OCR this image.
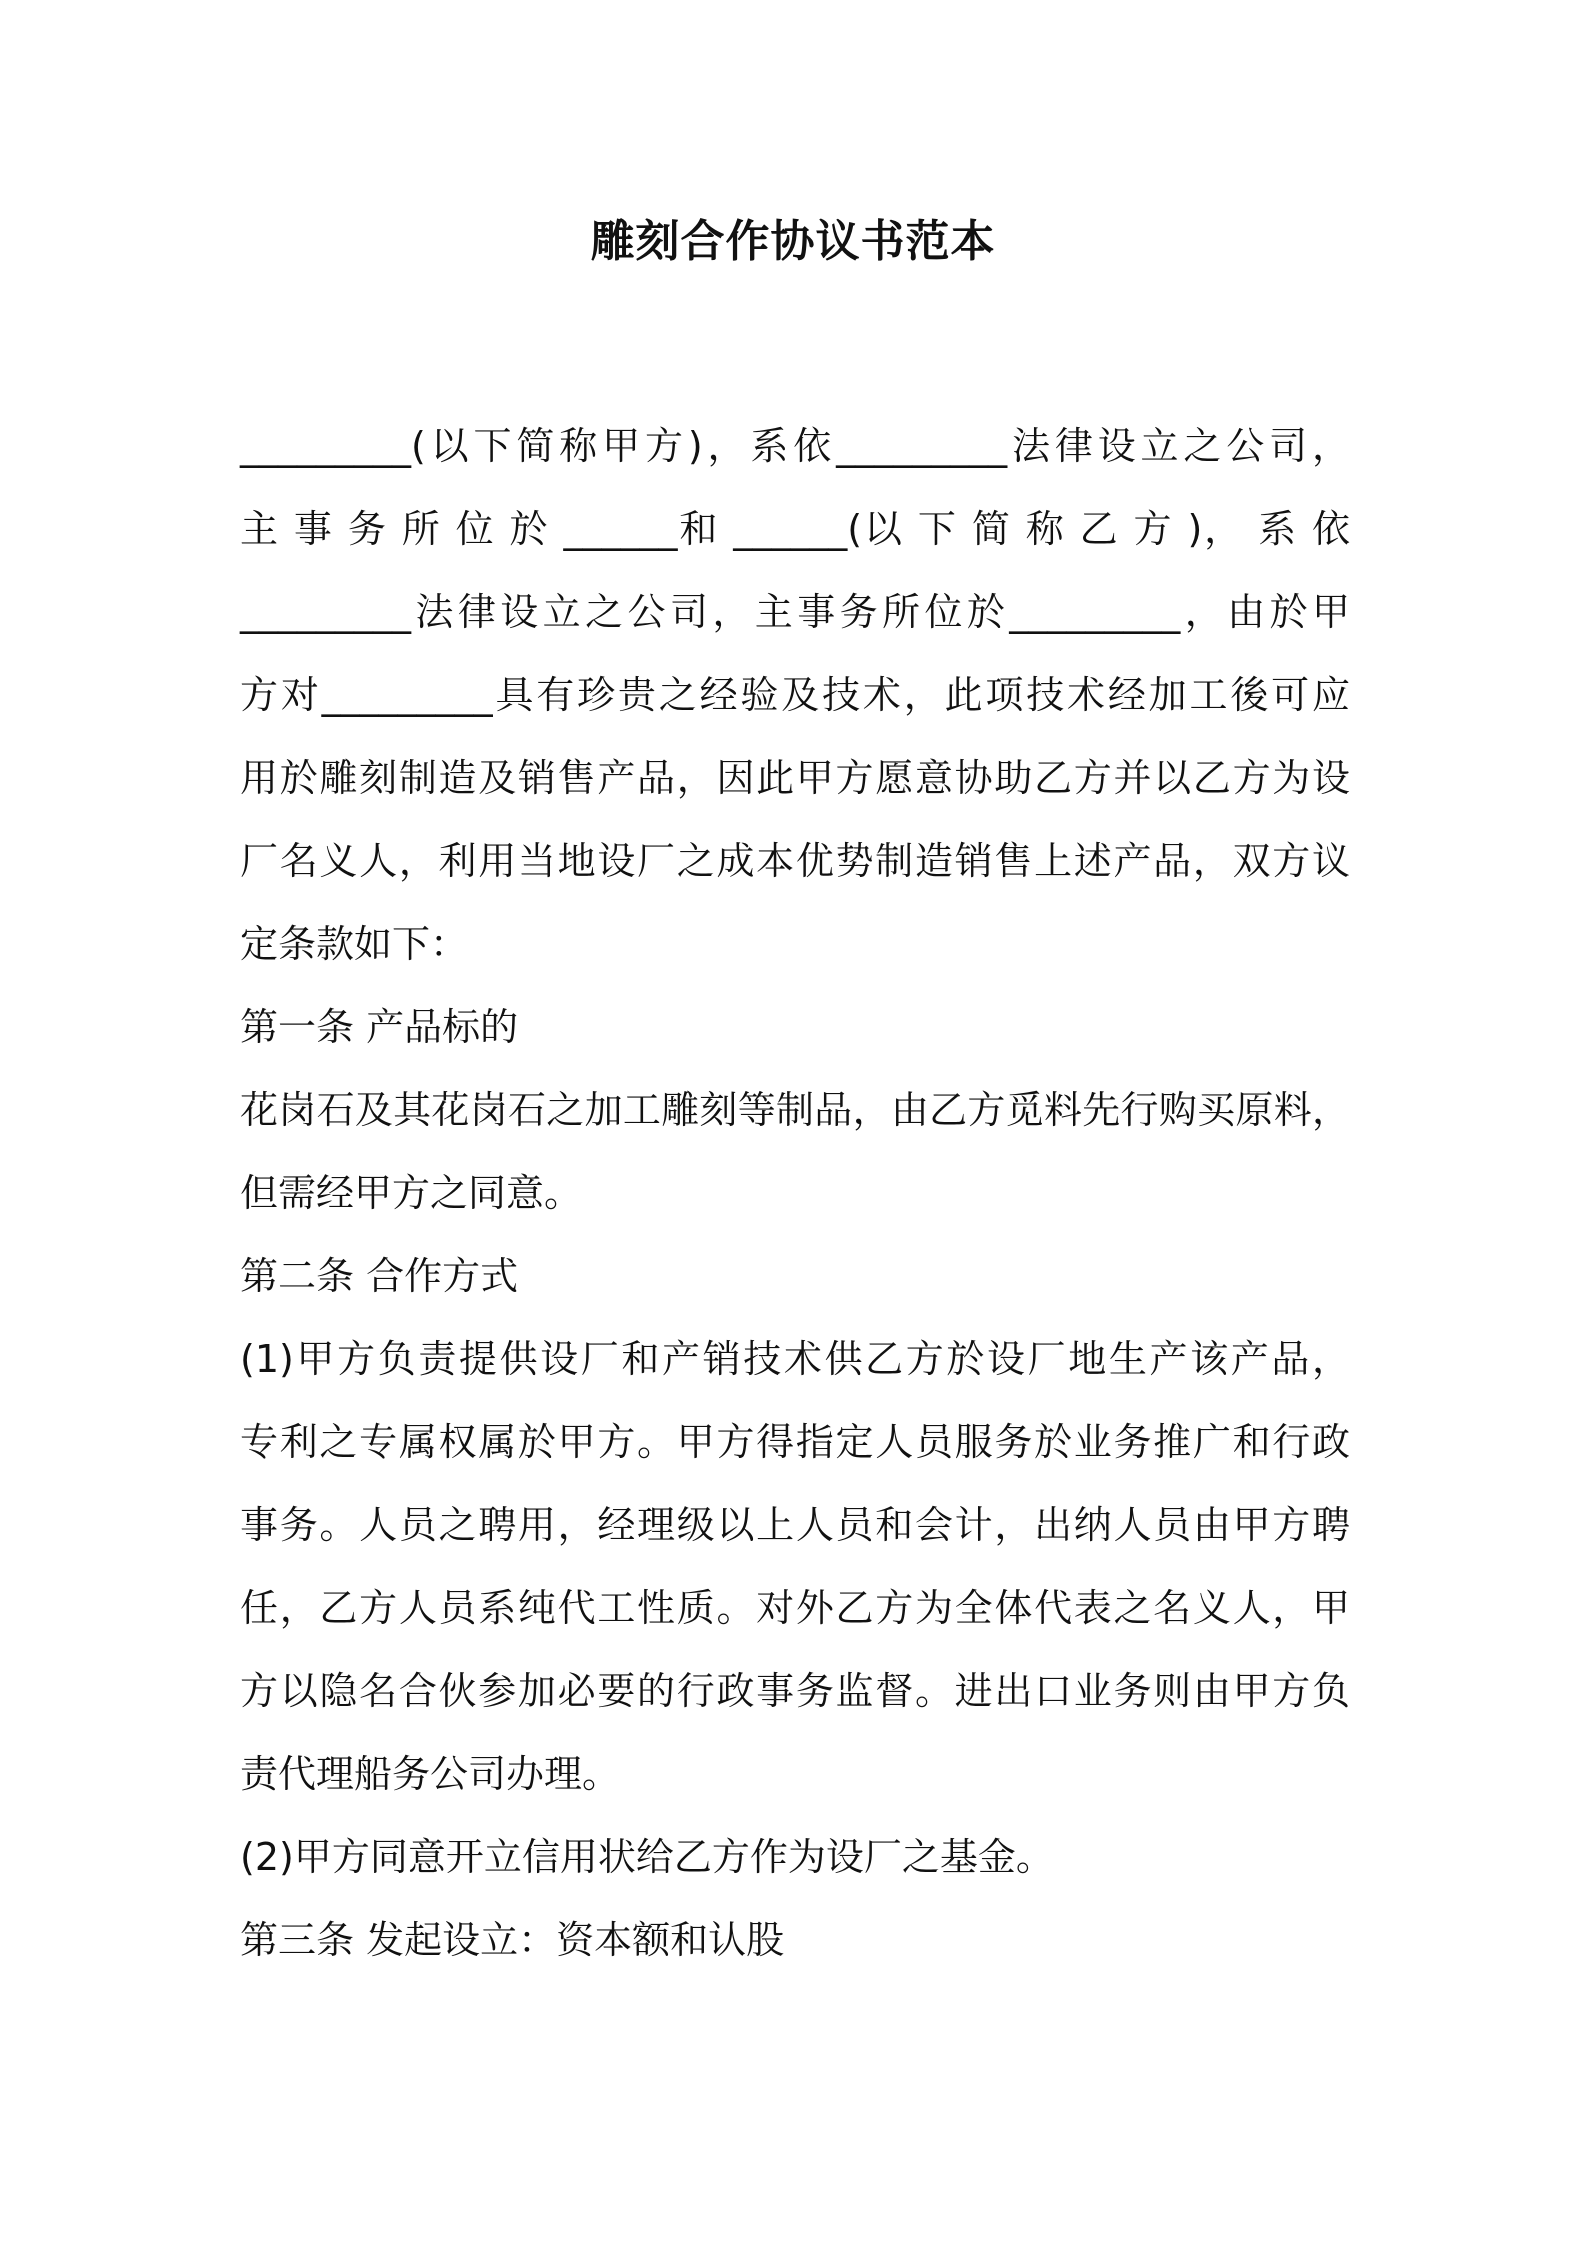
雕刻合作协议书范本
_________(以下简称甲方)，系依_________法律设立之公司，
主 事 务 所 位 於 ______和 ______(以 下 简 称 乙 方 )， 系 依
_________法律设立之公司，主事务所位於_________，由於甲
方对_________具有珍贵之经验及技术，此项技术经加工後可应
用於雕刻制造及销售产品，因此甲方愿意协助乙方并以乙方为设
厂名义人，利用当地设厂之成本优势制造销售上述产品，双方议
定条款如下：
第一条 产品标的
花岗石及其花岗石之加工雕刻等制品，由乙方觅料先行购买原料，
但需经甲方之同意。
第二条 合作方式
(1)甲方负责提供设厂和产销技术供乙方於设厂地生产该产品，
专利之专属权属於甲方。甲方得指定人员服务於业务推广和行政
事务。人员之聘用，经理级以上人员和会计，出纳人员由甲方聘
任，乙方人员系纯代工性质。对外乙方为全体代表之名义人，甲
方以隐名合伙参加必要的行政事务监督。进出口业务则由甲方负
责代理船务公司办理。
(2)甲方同意开立信用状给乙方作为设厂之基金。
第三条 发起设立：资本额和认股
